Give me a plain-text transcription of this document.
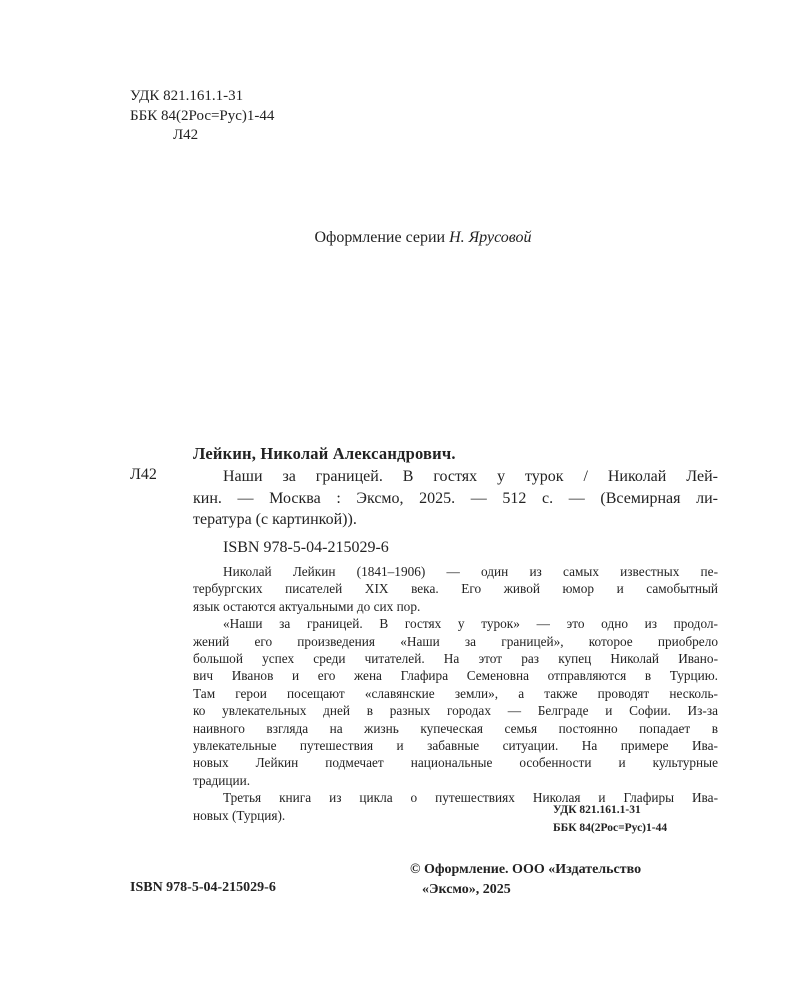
УДК 821.161.1-31
ББК 84(2Рос=Рус)1-44
Л42
Оформление серии Н. Ярусовой
Лейкин, Николай Александрович.
Л42	Наши за границей. В гостях у турок / Николай Лей-
кин. — Москва : Эксмо, 2025. — 512 с. — (Всемирная ли-
тература (с картинкой)).
ISBN 978-5-04-215029-6
Николай Лейкин (1841–1906) — один из самых известных пе-
тербургских писателей XIX века. Его живой юмор и самобытный
язык остаются актуальными до сих пор.
«Наши за границей. В гостях у турок» — это одно из продол-
жений его произведения «Наши за границей», которое приобрело
большой успех среди читателей. На этот раз купец Николай Ивано-
вич Иванов и его жена Глафира Семеновна отправляются в Турцию.
Там герои посещают «славянские земли», а также проводят несколь-
ко увлекательных дней в разных городах — Белграде и Софии. Из-за
наивного взгляда на жизнь купеческая семья постоянно попадает в
увлекательные путешествия и забавные ситуации. На примере Ива-
новых Лейкин подмечает национальные особенности и культурные
традиции.
Третья книга из цикла о путешествиях Николая и Глафиры Ива-
новых (Турция).	УДК 821.161.1-31
ББК 84(2Рос=Рус)1-44
© Оформление. ООО «Издательство
«Эксмо», 2025
ISBN 978-5-04-215029-6
